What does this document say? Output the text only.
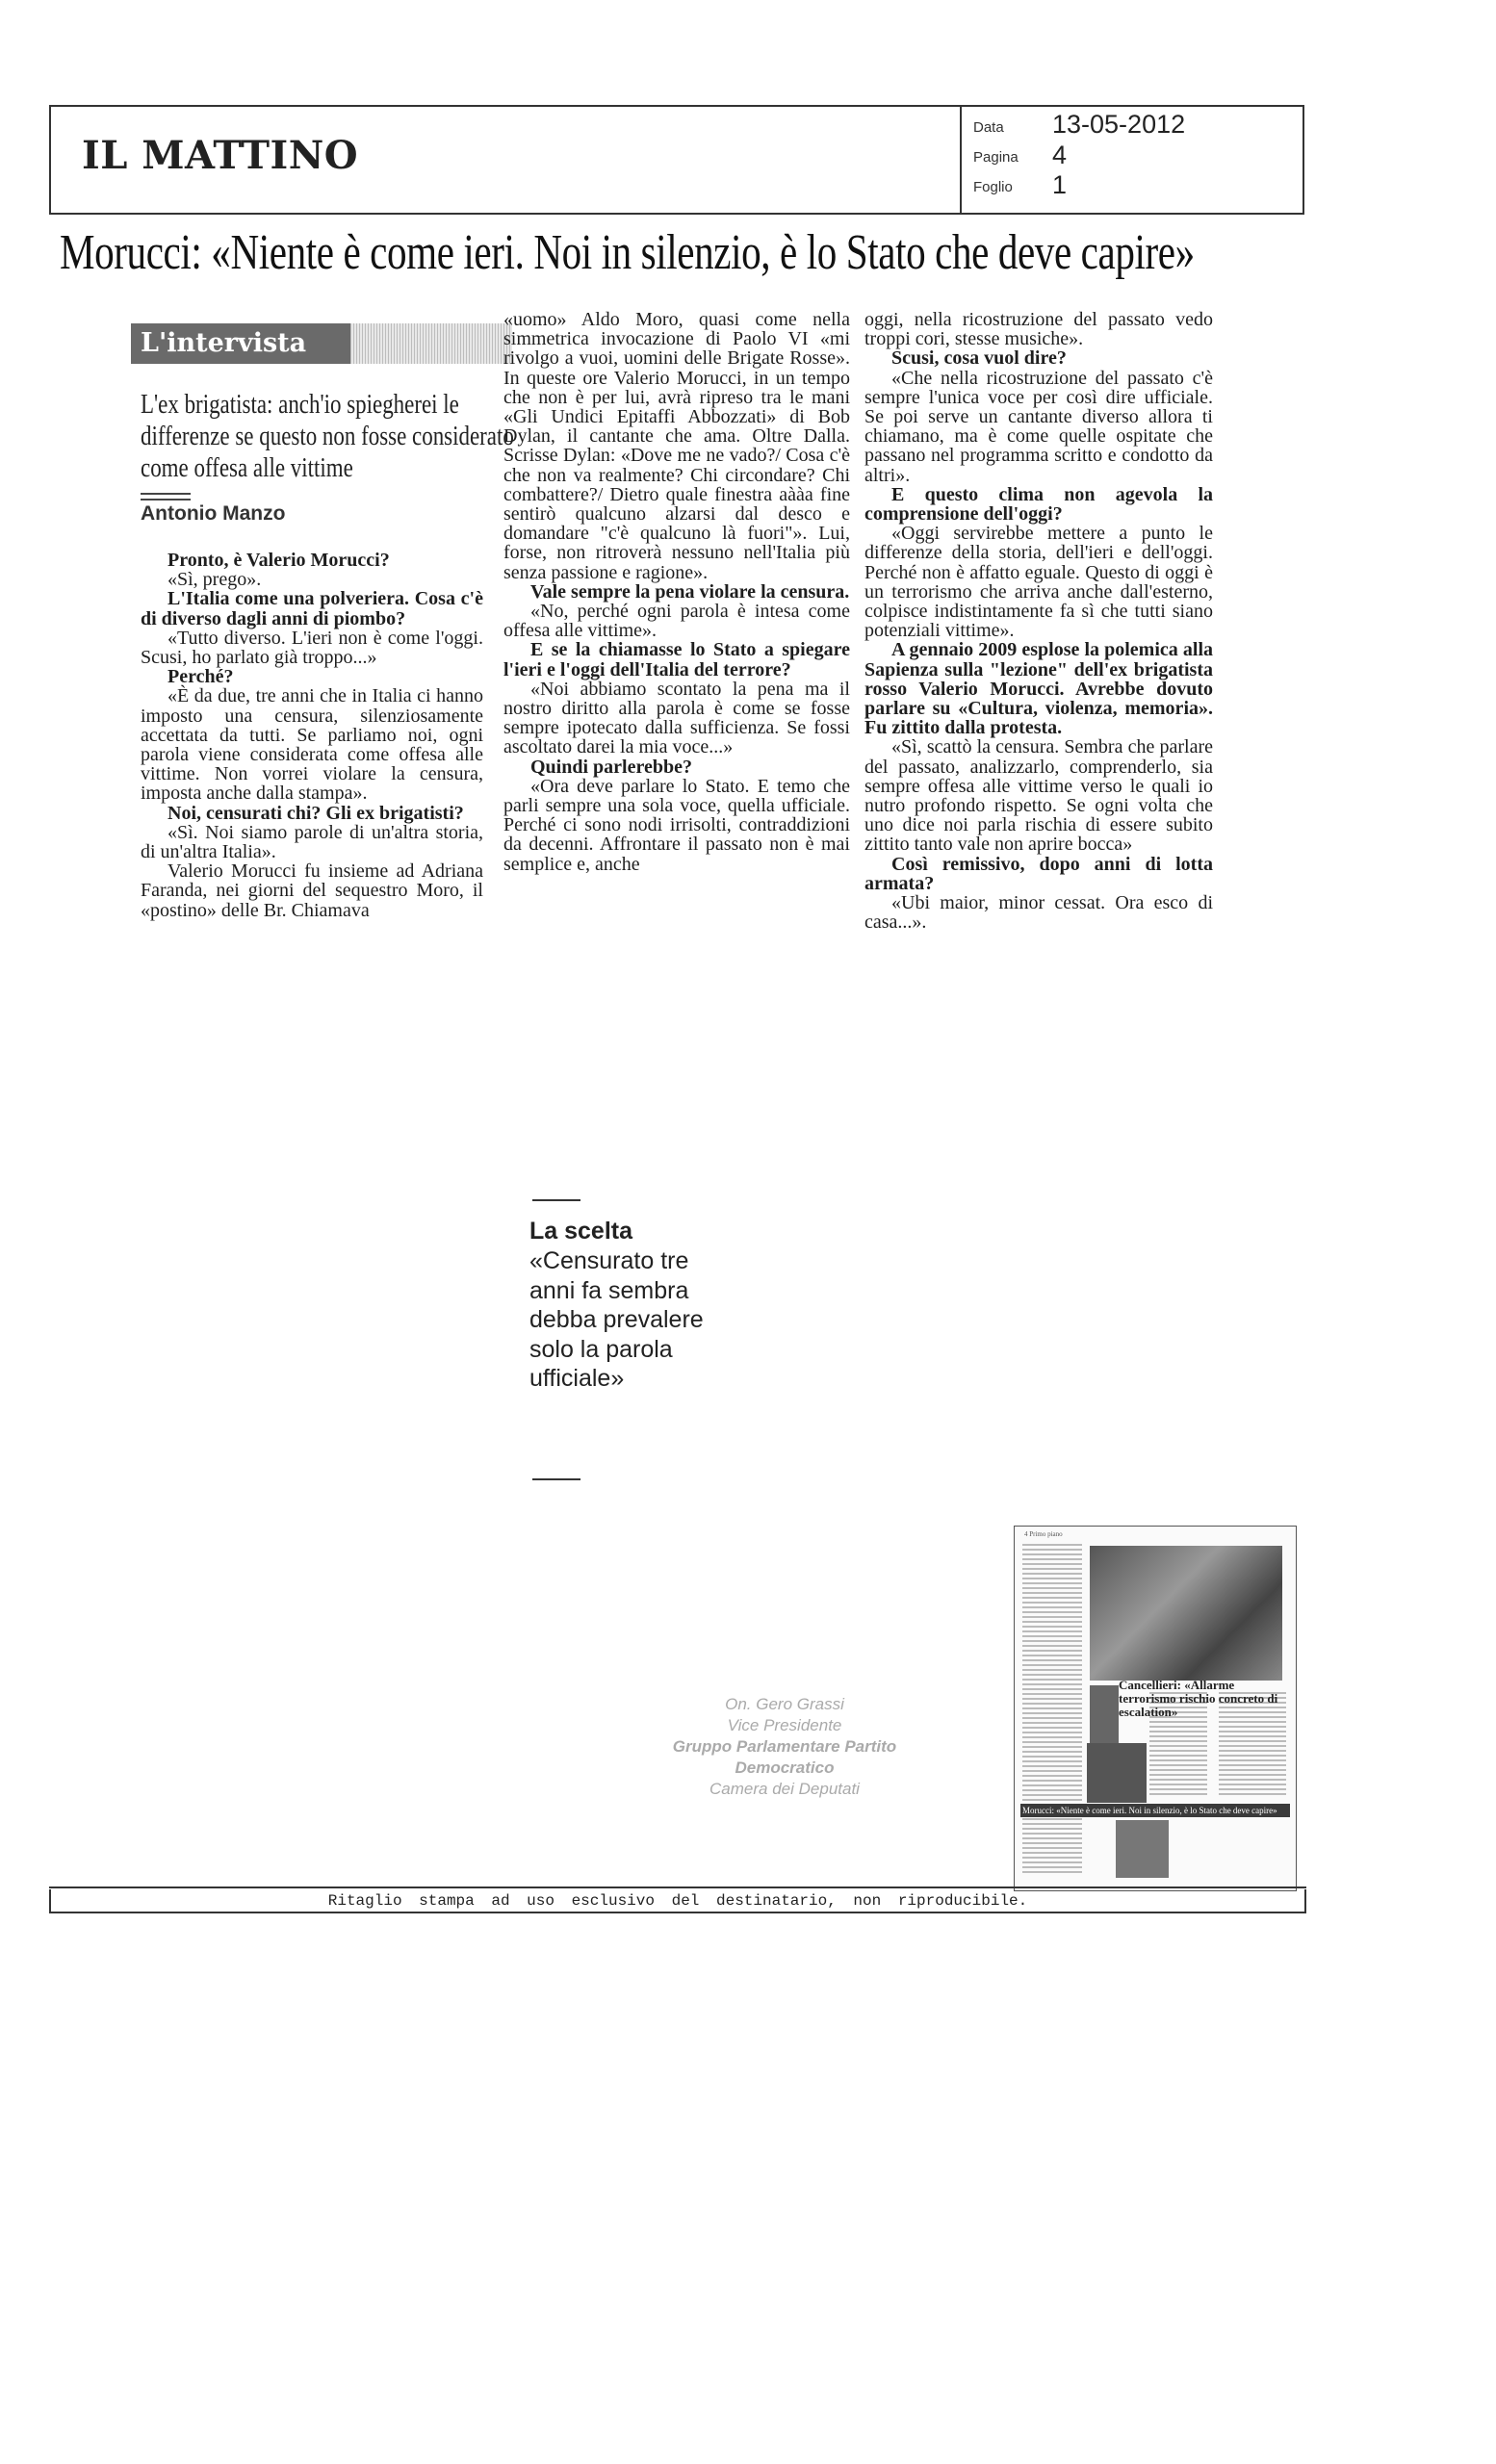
IL MATTINO
Data 13-05-2012
Pagina 4
Foglio 1
Morucci: «Niente è come ieri. Noi in silenzio, è lo Stato che deve capire»
L'intervista
L'ex brigatista: anch'io spiegherei le differenze se questo non fosse considerato come offesa alle vittime
Antonio Manzo

Pronto, è Valerio Morucci?

«Sì, prego».

L'Italia come una polveriera. Cosa c'è di diverso dagli anni di piombo?

«Tutto diverso. L'ieri non è come l'oggi. Scusi, ho parlato già troppo...»

Perché?

«È da due, tre anni che in Italia ci hanno imposto una censura, silenziosamente accettata da tutti. Se parliamo noi, ogni parola viene considerata come offesa alle vittime. Non vorrei violare la censura, imposta anche dalla stampa».

Noi, censurati chi? Gli ex brigatisti?

«Sì. Noi siamo parole di un'altra storia, di un'altra Italia».

Valerio Morucci fu insieme ad Adriana Faranda, nei giorni del sequestro Moro, il «postino» delle Br. Chiamava

«uomo» Aldo Moro, quasi come nella simmetrica invocazione di Paolo VI «mi rivolgo a vuoi, uomini delle Brigate Rosse». In queste ore Valerio Morucci, in un tempo che non è per lui, avrà ripreso tra le mani «Gli Undici Epitaffi Abbozzati» di Bob Dylan, il cantante che ama. Oltre Dalla. Scrisse Dylan: «Dove me ne vado?/ Cosa c'è che non va realmente? Chi circondare? Chi combattere?/ Dietro quale finestra aààa fine sentirò qualcuno alzarsi dal desco e domandare "c'è qualcuno là fuori"». Lui, forse, non ritroverà nessuno nell'Italia più senza passione e ragione».

Vale sempre la pena violare la censura.

«No, perché ogni parola è intesa come offesa alle vittime».

E se la chiamasse lo Stato a spiegare l'ieri e l'oggi dell'Italia del terrore?

«Noi abbiamo scontato la pena ma il nostro diritto alla parola è come se fosse sempre ipotecato dalla sufficienza. Se fossi ascoltato darei la mia voce...»

Quindi parlerebbe?

«Ora deve parlare lo Stato. E temo che parli sempre una sola voce, quella ufficiale. Perché ci sono nodi irrisolti, contraddizioni da decenni. Affrontare il passato non è mai semplice e, anche

oggi, nella ricostruzione del passato vedo troppi cori, stesse musiche».

Scusi, cosa vuol dire?

«Che nella ricostruzione del passato c'è sempre l'unica voce per così dire ufficiale. Se poi serve un cantante diverso allora ti chiamano, ma è come quelle ospitate che passano nel programma scritto e condotto da altri».

E questo clima non agevola la comprensione dell'oggi?

«Oggi servirebbe mettere a punto le differenze della storia, dell'ieri e dell'oggi. Perché non è affatto eguale. Questo di oggi è un terrorismo che arriva anche dall'esterno, colpisce indistintamente fa sì che tutti siano potenziali vittime».

A gennaio 2009 esplose la polemica alla Sapienza sulla "lezione" dell'ex brigatista rosso Valerio Morucci. Avrebbe dovuto parlare su «Cultura, violenza, memoria». Fu zittito dalla protesta.

«Sì, scattò la censura. Sembra che parlare del passato, analizzarlo, comprenderlo, sia sempre offesa alle vittime verso le quali io nutro profondo rispetto. Se ogni volta che uno dice noi parla rischia di essere subito zittito tanto vale non aprire bocca»

Così remissivo, dopo anni di lotta armata?

«Ubi maior, minor cessat. Ora esco di casa...».

La scelta
«Censurato tre anni fa sembra debba prevalere solo la parola ufficiale»
4 Primo piano
Cancellieri: «Allarme terrorismo rischio concreto di escalation»
Morucci: «Niente è come ieri. Noi in silenzio, è lo Stato che deve capire»
On. Gero Grassi
Vice Presidente
Gruppo Parlamentare Partito Democratico
Camera dei Deputati
Ritaglio stampa ad uso esclusivo del destinatario, non riproducibile.
